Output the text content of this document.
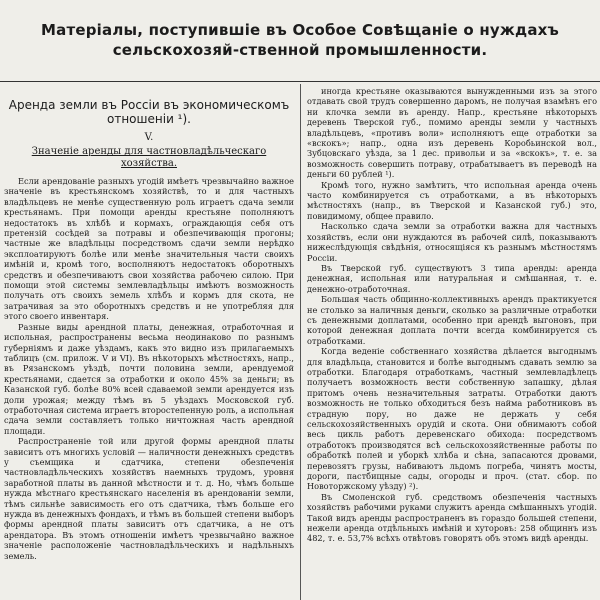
Матеріалы, поступившіе въ Особое Совѣщаніе о нуждахъ сельскохозяй-ственной промышленности.
Аренда земли въ Россіи въ экономическомъ отношеніи ¹).
V.
Значеніе аренды для частновладѣльческаго хозяйства.

Если арендованіе разныхъ угодій имѣетъ чрезвычайно важное значеніе въ крестьянскомъ хозяйствѣ, то и для частныхъ владѣльцевъ не менѣе существенную роль играетъ сдача земли крестьянамъ. При помощи аренды крестьяне пополняютъ недостатокъ въ хлѣбѣ и кормахъ, ограждающія себя отъ претензій сосѣдей за потравы и обезпечивающія прогоны; частные же владѣльцы посредствомъ сдачи земли нерѣдко эксплоатируютъ болѣе или менѣе значительныя части своихъ имѣній и, кромѣ того, восполняютъ недостатокъ оборотныхъ средствъ и обезпечиваютъ свои хозяйства рабочею силою. При помощи этой системы землевладѣльцы имѣютъ возможность получать отъ своихъ земель хлѣбъ и кормъ для скота, не затрачивая за это оборотныхъ средствъ и не употребляя для этого своего инвентаря.

Разные виды арендной платы, денежная, отработочная и испольная, распространены весьма неодинаково по разнымъ губерніямъ и даже уѣздамъ, какъ это видно изъ прилагаемыхъ таблицъ (см. прилож. V и VI). Въ нѣкоторыхъ мѣстностяхъ, напр., въ Рязанскомъ уѣздѣ, почти половина земли, арендуемой крестьянами, сдается за отработки и около 45% за деньги; въ Казанской губ. болѣе 80% всей сдаваемой земли арендуется изъ доли урожая; между тѣмъ въ 5 уѣздахъ Московской губ. отработочная система играетъ второстепенную роль, а испольная сдача земли составляетъ только ничтожная часть арендной площади.

Распространеніе той или другой формы арендной платы зависитъ отъ многихъ условій — наличности денежныхъ средствъ у съемщика и сдатчика, степени обезпеченія частновладѣльческихъ хозяйствъ наемныхъ трудомъ, уровня заработной платы въ данной мѣстности и т. д. Но, чѣмъ больше нужда мѣстнаго крестьянскаго населенія въ арендованіи земли, тѣмъ сильнѣе зависимость его отъ сдатчика, тѣмъ больше его нужда въ денежныхъ фондахъ, и тѣмъ въ большей степени выборъ формы арендной платы зависитъ отъ сдатчика, а не отъ арендатора. Въ этомъ отношеніи имѣетъ чрезвычайно важное значеніе расположеніе частновладѣльческихъ и надѣльныхъ земель.

иногда крестьяне оказываются вынужденными изъ за этого отдавать свой трудъ совершенно даромъ, не получая взамѣнъ его ни клочка земли въ аренду. Напр., крестьяне нѣкоторыхъ деревень Тверской губ., помимо аренды земли у частныхъ владѣльцевъ, «противъ воли» исполняютъ еще отработки за «вскокъ»; напр., одна изъ деревень Коробьинской вол., Зубцовскаго уѣзда, за 1 дес. привольи и за «вскокъ», т. е. за возможность совершить потраву, отрабатываетъ въ переводѣ на деньги 60 рублей ¹).

Кромѣ того, нужно замѣтить, что испольная аренда очень часто комбинируется съ отработками, а въ нѣкоторыхъ мѣстностяхъ (напр., въ Тверской и Казанской губ.) это, повидимому, общее правило.

Насколько сдача земли за отработки важна для частныхъ хозяйствъ, если они нуждаются въ рабочей силѣ, показываютъ нижеслѣдующія свѣдѣнія, относящіяся къ разнымъ мѣстностямъ Россіи.

Въ Тверской губ. существуютъ 3 типа аренды: аренда денежная, испольная или натуральная и смѣшанная, т. е. денежно-отработочная.

Большая часть общинно-коллективныхъ арендъ практикуется не столько за наличныя деньги, сколько за различные отработки съ денежными доплатами, особенно при арендѣ выгоновъ, при которой денежная доплата почти всегда комбинируется съ отработками.

Когда веденіе собственнаго хозяйства дѣлается выгоднымъ для владѣльца, становится и болѣе выгоднымъ сдавать землю за отработки. Благодаря отработкамъ, частный землевладѣлецъ получаетъ возможность вести собственную запашку, дѣлая притомъ очень незначительныя затраты. Отработки даютъ возможность не только обходиться безъ найма работниковъ въ страдную пору, но даже не держать у себя сельскохозяйственныхъ орудій и скота. Они обнимаютъ собой весь цикль работъ деревенскаго обихода: посредствомъ отработокъ производятся всѣ сельскохозяйственные работы по обработкѣ полей и уборкѣ хлѣба и сѣна, запасаются дровами, перевозятъ грузы, набиваютъ льдомъ погреба, чинятъ мосты, дороги, пастбищные сады, огороды и проч. (стат. сбор. по Новоторжскому уѣзду) ²).

Въ Смоленской губ. средствомъ обезпеченія частныхъ хозяйствъ рабочими руками служитъ аренда смѣшанныхъ угодій. Такой видъ аренды распространенъ въ гораздо большей степени, нежели аренда отдѣльныхъ имѣній и хуторовъ: 258 общиннъ изъ 482, т. е. 53,7% всѣхъ отвѣтовъ говорятъ объ этомъ видѣ аренды.
